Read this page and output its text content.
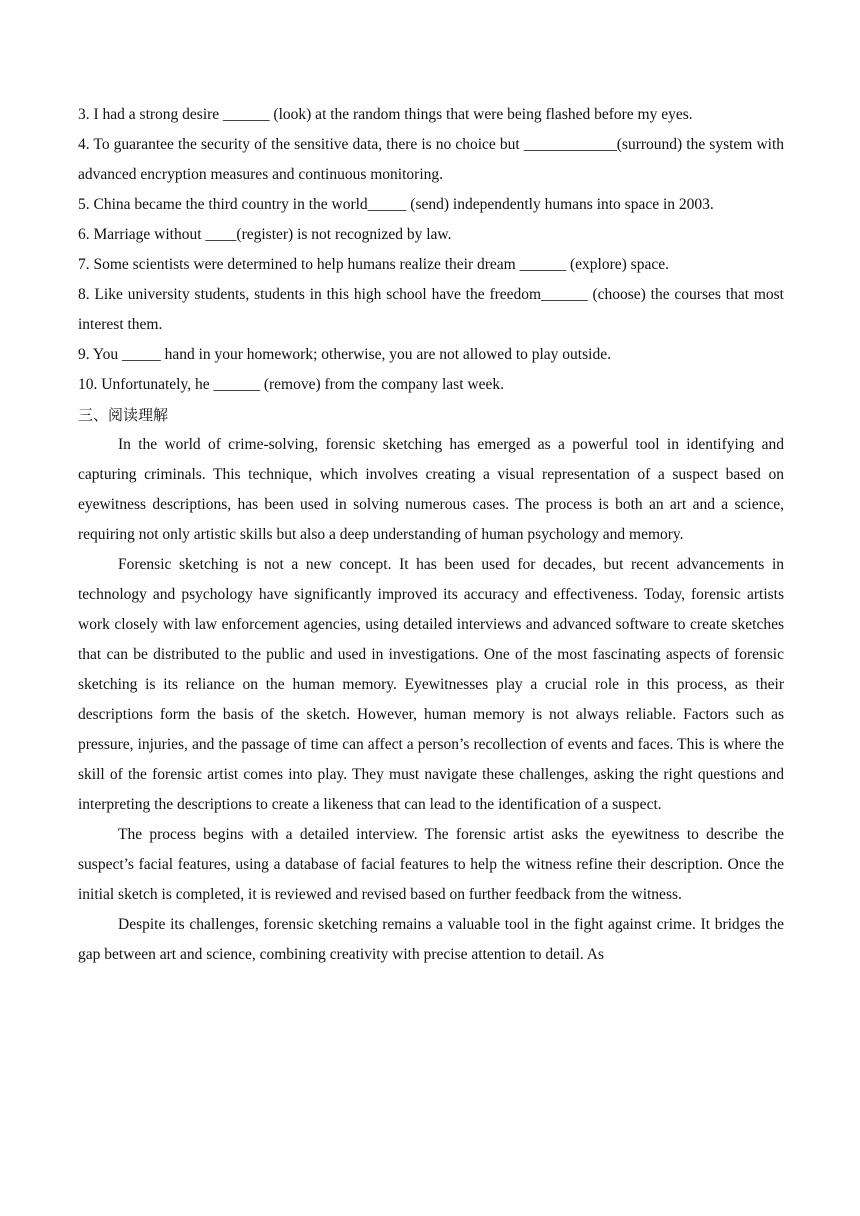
3. I had a strong desire ______ (look) at the random things that were being flashed before my eyes.

4. To guarantee the security of the sensitive data, there is no choice but ____________(surround) the system with advanced encryption measures and continuous monitoring.

5. China became the third country in the world_____ (send) independently humans into space in 2003.

6. Marriage without ____(register) is not recognized by law.

7. Some scientists were determined to help humans realize their dream ______ (explore) space.

8. Like university students, students in this high school have the freedom______ (choose) the courses that most interest them.

9. You _____ hand in your homework; otherwise, you are not allowed to play outside.

10. Unfortunately, he ______ (remove) from the company last week.

三、阅读理解

In the world of crime-solving, forensic sketching has emerged as a powerful tool in identifying and capturing criminals. This technique, which involves creating a visual representation of a suspect based on eyewitness descriptions, has been used in solving numerous cases. The process is both an art and a science, requiring not only artistic skills but also a deep understanding of human psychology and memory.

Forensic sketching is not a new concept. It has been used for decades, but recent advancements in technology and psychology have significantly improved its accuracy and effectiveness. Today, forensic artists work closely with law enforcement agencies, using detailed interviews and advanced software to create sketches that can be distributed to the public and used in investigations. One of the most fascinating aspects of forensic sketching is its reliance on the human memory. Eyewitnesses play a crucial role in this process, as their descriptions form the basis of the sketch. However, human memory is not always reliable. Factors such as pressure, injuries, and the passage of time can affect a person’s recollection of events and faces. This is where the skill of the forensic artist comes into play. They must navigate these challenges, asking the right questions and interpreting the descriptions to create a likeness that can lead to the identification of a suspect.

The process begins with a detailed interview. The forensic artist asks the eyewitness to describe the suspect’s facial features, using a database of facial features to help the witness refine their description. Once the initial sketch is completed, it is reviewed and revised based on further feedback from the witness.

Despite its challenges, forensic sketching remains a valuable tool in the fight against crime. It bridges the gap between art and science, combining creativity with precise attention to detail. As
